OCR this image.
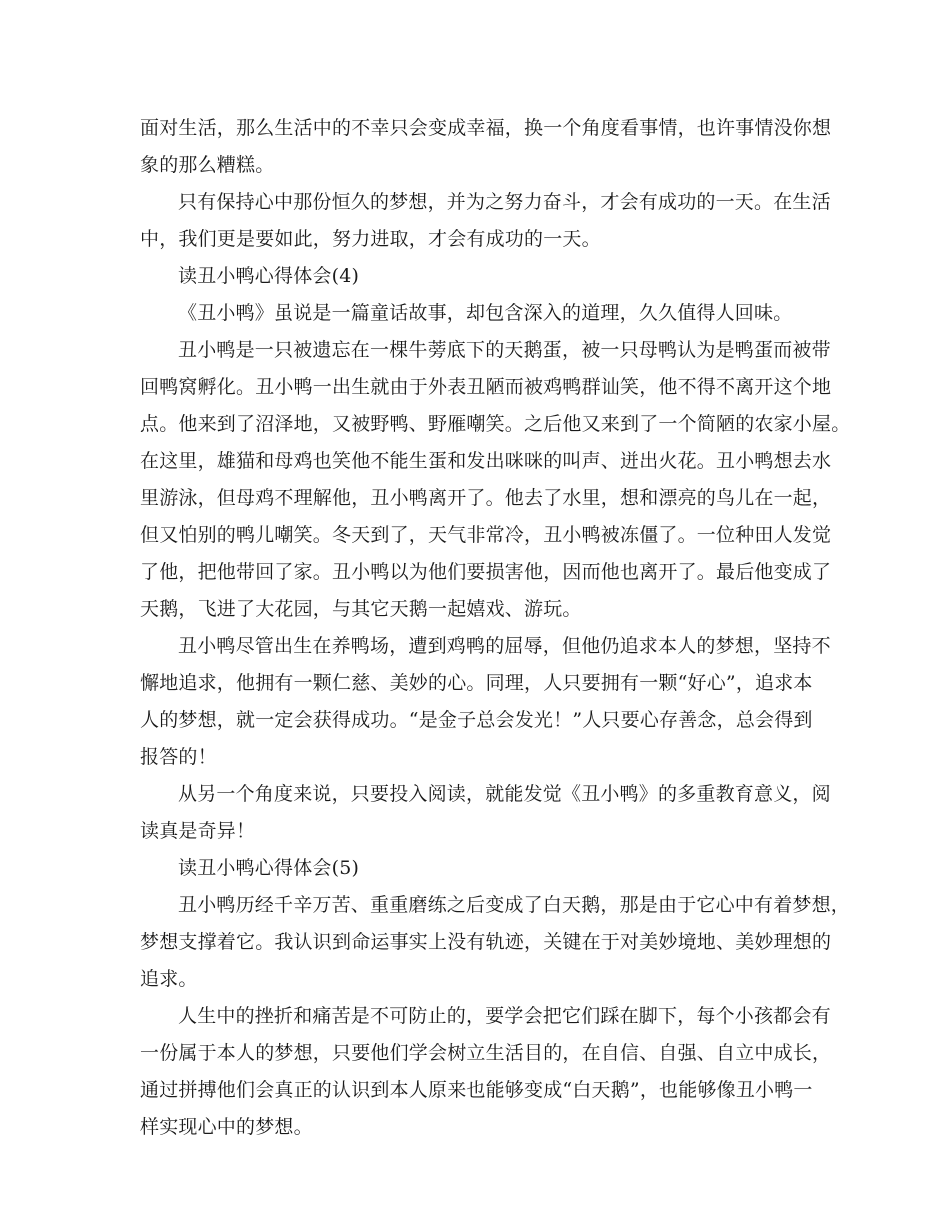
面对生活，那么生活中的不幸只会变成幸福，换一个角度看事情，也许事情没你想
象的那么糟糕。
只有保持心中那份恒久的梦想，并为之努力奋斗，才会有成功的一天。在生活
中，我们更是要如此，努力进取，才会有成功的一天。
读丑小鸭心得体会(4)
《丑小鸭》虽说是一篇童话故事，却包含深入的道理，久久值得人回味。
丑小鸭是一只被遗忘在一棵牛蒡底下的天鹅蛋，被一只母鸭认为是鸭蛋而被带
回鸭窝孵化。丑小鸭一出生就由于外表丑陋而被鸡鸭群讪笑，他不得不离开这个地
点。他来到了沼泽地，又被野鸭、野雁嘲笑。之后他又来到了一个简陋的农家小屋。
在这里，雄猫和母鸡也笑他不能生蛋和发出咪咪的叫声、迸出火花。丑小鸭想去水
里游泳，但母鸡不理解他，丑小鸭离开了。他去了水里，想和漂亮的鸟儿在一起，
但又怕别的鸭儿嘲笑。冬天到了，天气非常冷，丑小鸭被冻僵了。一位种田人发觉
了他，把他带回了家。丑小鸭以为他们要损害他，因而他也离开了。最后他变成了
天鹅，飞进了大花园，与其它天鹅一起嬉戏、游玩。
丑小鸭尽管出生在养鸭场，遭到鸡鸭的屈辱，但他仍追求本人的梦想，坚持不
懈地追求，他拥有一颗仁慈、美妙的心。同理，人只要拥有一颗“好心”，追求本
人的梦想，就一定会获得成功。“是金子总会发光！”人只要心存善念，总会得到
报答的！
从另一个角度来说，只要投入阅读，就能发觉《丑小鸭》的多重教育意义，阅
读真是奇异！
读丑小鸭心得体会(5)
丑小鸭历经千辛万苦、重重磨练之后变成了白天鹅，那是由于它心中有着梦想，
梦想支撑着它。我认识到命运事实上没有轨迹，关键在于对美妙境地、美妙理想的
追求。
人生中的挫折和痛苦是不可防止的，要学会把它们踩在脚下，每个小孩都会有
一份属于本人的梦想，只要他们学会树立生活目的，在自信、自强、自立中成长，
通过拼搏他们会真正的认识到本人原来也能够变成“白天鹅”，也能够像丑小鸭一
样实现心中的梦想。
